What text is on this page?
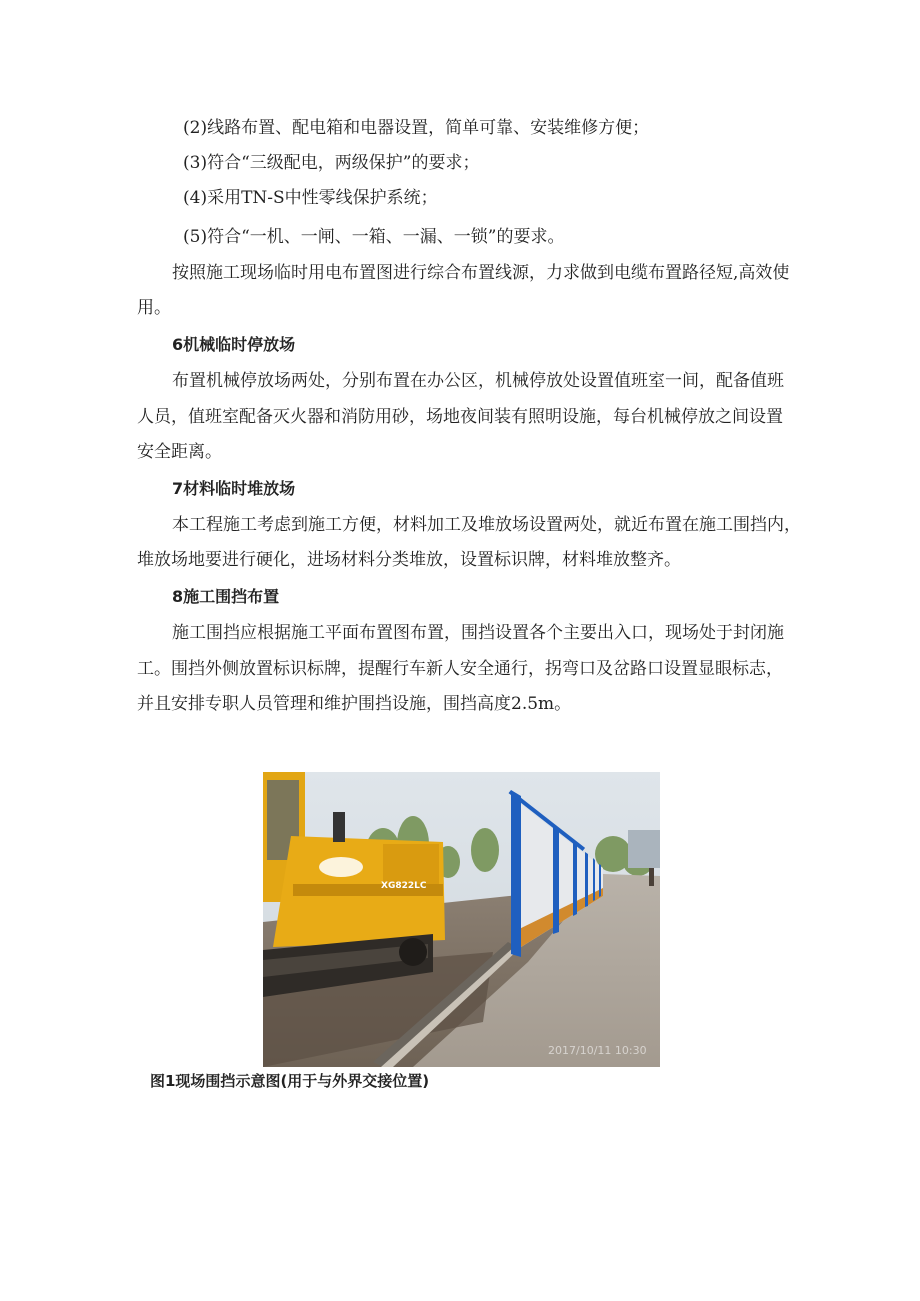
(2)线路布置、配电箱和电器设置，简单可靠、安装维修方便；
(3)符合“三级配电，两级保护”的要求；
(4)采用TN-S中性零线保护系统；
(5)符合“一机、一闸、一箱、一漏、一锁”的要求。
按照施工现场临时用电布置图进行综合布置线源，力求做到电缆布置路径短,高效使
用。
6机械临时停放场
布置机械停放场两处，分别布置在办公区，机械停放处设置值班室一间，配备值班
人员，值班室配备灭火器和消防用砂，场地夜间装有照明设施，每台机械停放之间设置
安全距离。
7材料临时堆放场
本工程施工考虑到施工方便，材料加工及堆放场设置两处，就近布置在施工围挡内，
堆放场地要进行硬化，进场材料分类堆放，设置标识牌，材料堆放整齐。
8施工围挡布置
施工围挡应根据施工平面布置图布置，围挡设置各个主要出入口，现场处于封闭施
工。围挡外侧放置标识标牌，提醒行车新人安全通行，拐弯口及岔路口设置显眼标志，
并且安排专职人员管理和维护围挡设施，围挡高度2.5m。
XG822LC
2017/10/11 10:30
图1现场围挡示意图(用于与外界交接位置)
